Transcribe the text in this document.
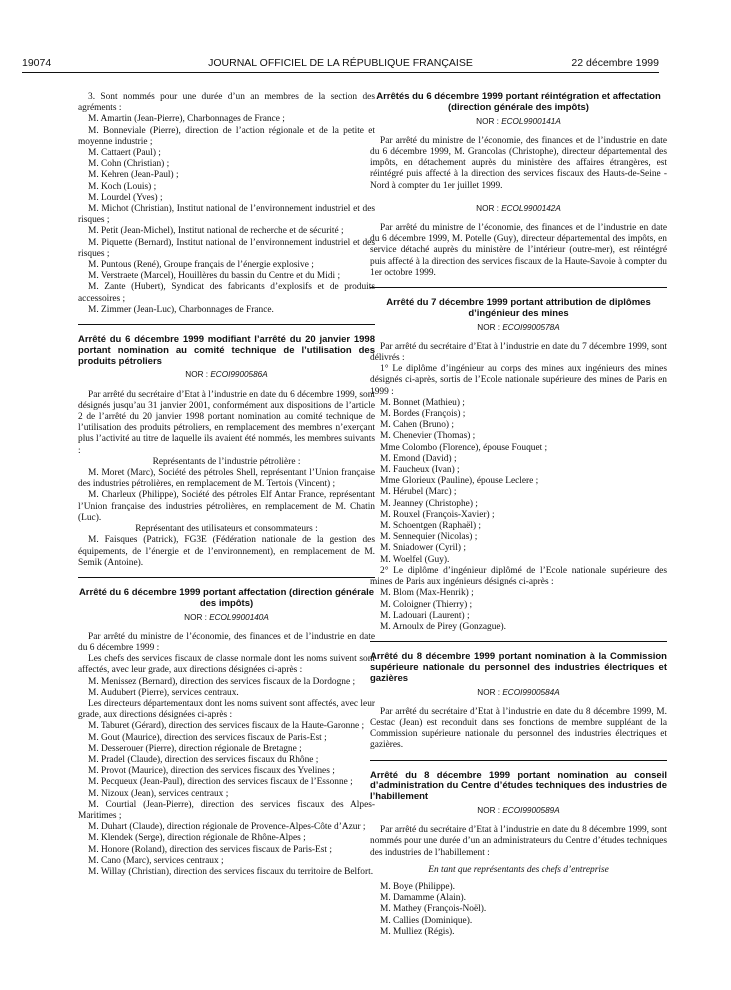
19074	JOURNAL OFFICIEL DE LA RÉPUBLIQUE FRANÇAISE	22 décembre 1999

3. Sont nommés pour une durée d’un an membres de la section des agréments :

M. Amartin (Jean-Pierre), Charbonnages de France ;

M. Bonneviale (Pierre), direction de l’action régionale et de la petite et moyenne industrie ;

M. Cattaert (Paul) ;

M. Cohn (Christian) ;

M. Kehren (Jean-Paul) ;

M. Koch (Louis) ;

M. Lourdel (Yves) ;

M. Michot (Christian), Institut national de l’environnement industriel et des risques ;

M. Petit (Jean-Michel), Institut national de recherche et de sécurité ;

M. Piquette (Bernard), Institut national de l’environnement industriel et des risques ;

M. Puntous (René), Groupe français de l’énergie explosive ;

M. Verstraete (Marcel), Houillères du bassin du Centre et du Midi ;

M. Zante (Hubert), Syndicat des fabricants d’explosifs et de produits accessoires ;

M. Zimmer (Jean-Luc), Charbonnages de France.

Arrêté du 6 décembre 1999 modifiant l’arrêté du 20 janvier 1998 portant nomination au comité technique de l’utilisation des produits pétroliers
NOR : ECOI9900586A

Par arrêté du secrétaire d’Etat à l’industrie en date du 6 décembre 1999, sont désignés jusqu’au 31 janvier 2001, conformément aux dispositions de l’article 2 de l’arrêté du 20 janvier 1998 portant nomination au comité technique de l’utilisation des produits pétroliers, en remplacement des membres n’exerçant plus l’activité au titre de laquelle ils avaient été nommés, les membres suivants :

Représentants de l’industrie pétrolière :

M. Moret (Marc), Société des pétroles Shell, représentant l’Union française des industries pétrolières, en remplacement de M. Tertois (Vincent) ;

M. Charleux (Philippe), Société des pétroles Elf Antar France, représentant l’Union française des industries pétrolières, en remplacement de M. Chatin (Luc).

Représentant des utilisateurs et consommateurs :

M. Faisques (Patrick), FG3E (Fédération nationale de la gestion des équipements, de l’énergie et de l’environnement), en remplacement de M. Semik (Antoine).

Arrêté du 6 décembre 1999 portant affectation (direction générale des impôts)
NOR : ECOL9900140A

Par arrêté du ministre de l’économie, des finances et de l’industrie en date du 6 décembre 1999 :

Les chefs des services fiscaux de classe normale dont les noms suivent sont affectés, avec leur grade, aux directions désignées ci-après :

M. Menissez (Bernard), direction des services fiscaux de la Dordogne ;

M. Audubert (Pierre), services centraux.

Les directeurs départementaux dont les noms suivent sont affectés, avec leur grade, aux directions désignées ci-après :

M. Taburet (Gérard), direction des services fiscaux de la Haute-Garonne ;

M. Gout (Maurice), direction des services fiscaux de Paris-Est ;

M. Desserouer (Pierre), direction régionale de Bretagne ;

M. Pradel (Claude), direction des services fiscaux du Rhône ;

M. Provot (Maurice), direction des services fiscaux des Yvelines ;

M. Pecqueux (Jean-Paul), direction des services fiscaux de l’Essonne ;

M. Nizoux (Jean), services centraux ;

M. Courtial (Jean-Pierre), direction des services fiscaux des Alpes-Maritimes ;

M. Duhart (Claude), direction régionale de Provence-Alpes-Côte d’Azur ;

M. Klendek (Serge), direction régionale de Rhône-Alpes ;

M. Honore (Roland), direction des services fiscaux de Paris-Est ;

M. Cano (Marc), services centraux ;

M. Willay (Christian), direction des services fiscaux du territoire de Belfort.

Arrêtés du 6 décembre 1999 portant réintégration et affectation (direction générale des impôts)
NOR : ECOL9900141A

Par arrêté du ministre de l’économie, des finances et de l’industrie en date du 6 décembre 1999, M. Grancolas (Christophe), directeur départemental des impôts, en détachement auprès du ministère des affaires étrangères, est réintégré puis affecté à la direction des services fiscaux des Hauts-de-Seine - Nord à compter du 1er juillet 1999.

NOR : ECOL9900142A

Par arrêté du ministre de l’économie, des finances et de l’industrie en date du 6 décembre 1999, M. Potelle (Guy), directeur départemental des impôts, en service détaché auprès du ministère de l’intérieur (outre-mer), est réintégré puis affecté à la direction des services fiscaux de la Haute-Savoie à compter du 1er octobre 1999.

Arrêté du 7 décembre 1999 portant attribution de diplômes d’ingénieur des mines
NOR : ECOI9900578A

Par arrêté du secrétaire d’Etat à l’industrie en date du 7 décembre 1999, sont délivrés :

1° Le diplôme d’ingénieur au corps des mines aux ingénieurs des mines désignés ci-après, sortis de l’Ecole nationale supérieure des mines de Paris en 1999 :

M. Bonnet (Mathieu) ;

M. Bordes (François) ;

M. Cahen (Bruno) ;

M. Chenevier (Thomas) ;

Mme Colombo (Florence), épouse Fouquet ;

M. Emond (David) ;

M. Faucheux (Ivan) ;

Mme Glorieux (Pauline), épouse Leclere ;

M. Hérubel (Marc) ;

M. Jeanney (Christophe) ;

M. Rouxel (François-Xavier) ;

M. Schoentgen (Raphaël) ;

M. Sennequier (Nicolas) ;

M. Sniadower (Cyril) ;

M. Woelfel (Guy).

2° Le diplôme d’ingénieur diplômé de l’Ecole nationale supérieure des mines de Paris aux ingénieurs désignés ci-après :

M. Blom (Max-Henrik) ;

M. Coloigner (Thierry) ;

M. Ladouari (Laurent) ;

M. Arnoulx de Pirey (Gonzague).

Arrêté du 8 décembre 1999 portant nomination à la Commission supérieure nationale du personnel des industries électriques et gazières
NOR : ECOI9900584A

Par arrêté du secrétaire d’Etat à l’industrie en date du 8 décembre 1999, M. Cestac (Jean) est reconduit dans ses fonctions de membre suppléant de la Commission supérieure nationale du personnel des industries électriques et gazières.

Arrêté du 8 décembre 1999 portant nomination au conseil d’administration du Centre d’études techniques des industries de l’habillement
NOR : ECOI9900589A

Par arrêté du secrétaire d’Etat à l’industrie en date du 8 décembre 1999, sont nommés pour une durée d’un an administrateurs du Centre d’études techniques des industries de l’habillement :

En tant que représentants des chefs d’entreprise

M. Boye (Philippe).

M. Damamme (Alain).

M. Mathey (François-Noël).

M. Callies (Dominique).

M. Mulliez (Régis).
